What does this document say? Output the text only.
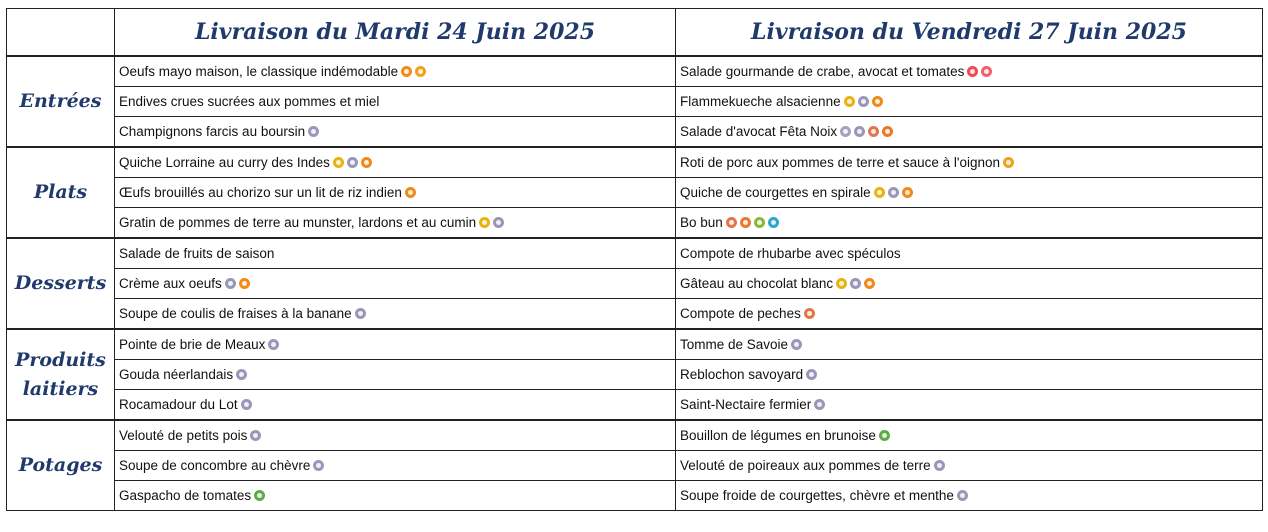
	Livraison du Mardi 24 Juin 2025	Livraison du Vendredi 27 Juin 2025
Entrées	Oeufs mayo maison, le classique indémodable	Salade gourmande de crabe, avocat et tomates
	Endives crues sucrées aux pommes et miel	Flammekueche alsacienne
	Champignons farcis au boursin	Salade d'avocat Fêta Noix
Plats	Quiche Lorraine au curry des Indes	Roti de porc aux pommes de terre et sauce à l'oignon
	Œufs brouillés au chorizo sur un lit de riz indien	Quiche de courgettes en spirale
	Gratin de pommes de terre au munster, lardons et au cumin	Bo bun
Desserts	Salade de fruits de saison	Compote de rhubarbe avec spéculos
	Crème aux oeufs	Gâteau au chocolat blanc
	Soupe de coulis de fraises à la banane	Compote de peches
Produits laitiers	Pointe de brie de Meaux	Tomme de Savoie
	Gouda néerlandais	Reblochon savoyard
	Rocamadour du Lot	Saint-Nectaire fermier
Potages	Velouté de petits pois	Bouillon de légumes en brunoise
	Soupe de concombre au chèvre	Velouté de poireaux aux pommes de terre
	Gaspacho de tomates	Soupe froide de courgettes, chèvre et menthe
